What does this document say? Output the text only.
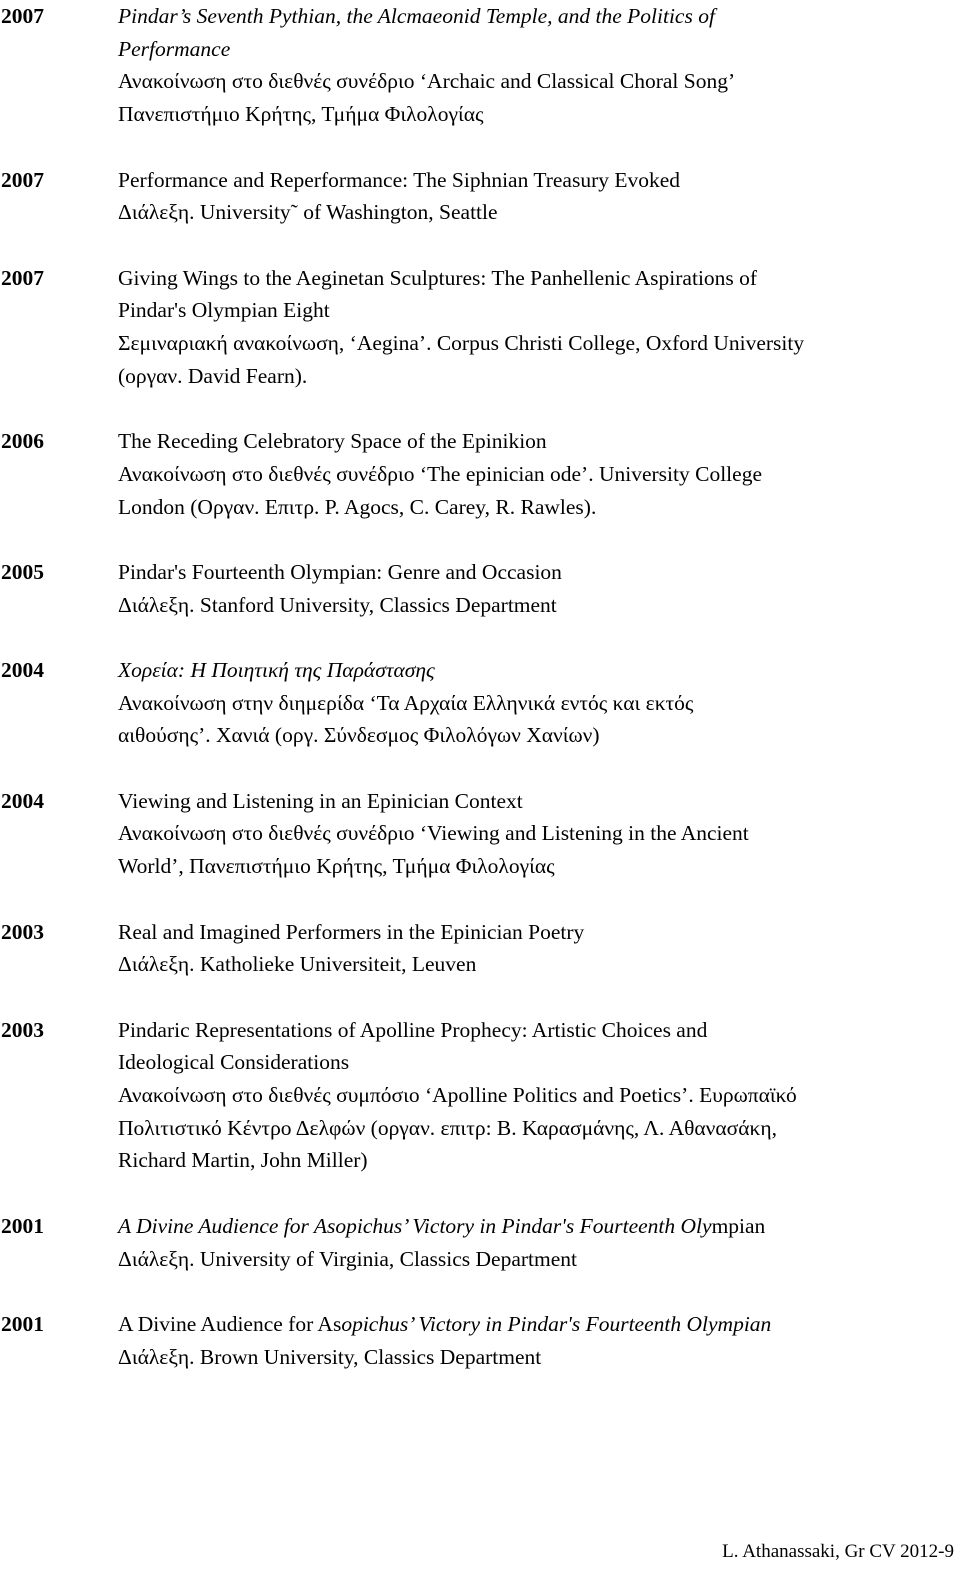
2007	Pindar’s Seventh Pythian, the Alcmaeonid Temple, and the Politics of
Performance
Ανακοίνωση στο διεθνές συνέδριο ‘Archaic and Classical Choral Song’
Πανεπιστήμιο Κρήτης, Τμήμα Φιλολογίας
2007	Performance and Reperformance: The Siphnian Treasury Evoked
Διάλεξη. University˜ of Washington, Seattle
2007	Giving Wings to the Aeginetan Sculptures: The Panhellenic Aspirations of
Pindar's Olympian Eight
Σεμιναριακή ανακοίνωση, ‘Aegina’. Corpus Christi College, Oxford University
(οργαν. David Fearn).
2006	The Receding Celebratory Space of the Epinikion
Ανακοίνωση στο διεθνές συνέδριο ‘The epinician ode’. University College
London (Οργαν. Επιτρ. P. Agocs, C. Carey, R. Rawles).
2005	Pindar's Fourteenth Olympian: Genre and Occasion
Διάλεξη. Stanford University, Classics Department
2004	Χορεία: Η Ποιητική της Παράστασης
Ανακοίνωση στην διημερίδα ‘Τα Αρχαία Ελληνικά εντός και εκτός
αιθούσης’. Χανιά (οργ. Σύνδεσμος Φιλολόγων Χανίων)
2004	Viewing and Listening in an Epinician Context
Ανακοίνωση στο διεθνές συνέδριο ‘Viewing and Listening in the Ancient
World’, Πανεπιστήμιο Κρήτης, Τμήμα Φιλολογίας
2003	Real and Imagined Performers in the Epinician Poetry
Διάλεξη. Katholieke Universiteit, Leuven
2003	Pindaric Representations of Apolline Prophecy: Artistic Choices and
Ideological Considerations
Ανακοίνωση στο διεθνές συμπόσιο ‘Apolline Politics and Poetics’. Ευρωπαϊκό
Πολιτιστικό Κέντρο Δελφών (οργαν. επιτρ: Β. Καρασμάνης, Λ. Αθανασάκη,
Richard Martin, John Miller)
2001	A Divine Audience for Asopichus’ Victory in Pindar's Fourteenth Olympian
Διάλεξη. University of Virginia, Classics Department
2001	A Divine Audience for Asopichus’ Victory in Pindar's Fourteenth Olympian
Διάλεξη. Brown University, Classics Department
L. Athanassaki, Gr CV 2012-9
